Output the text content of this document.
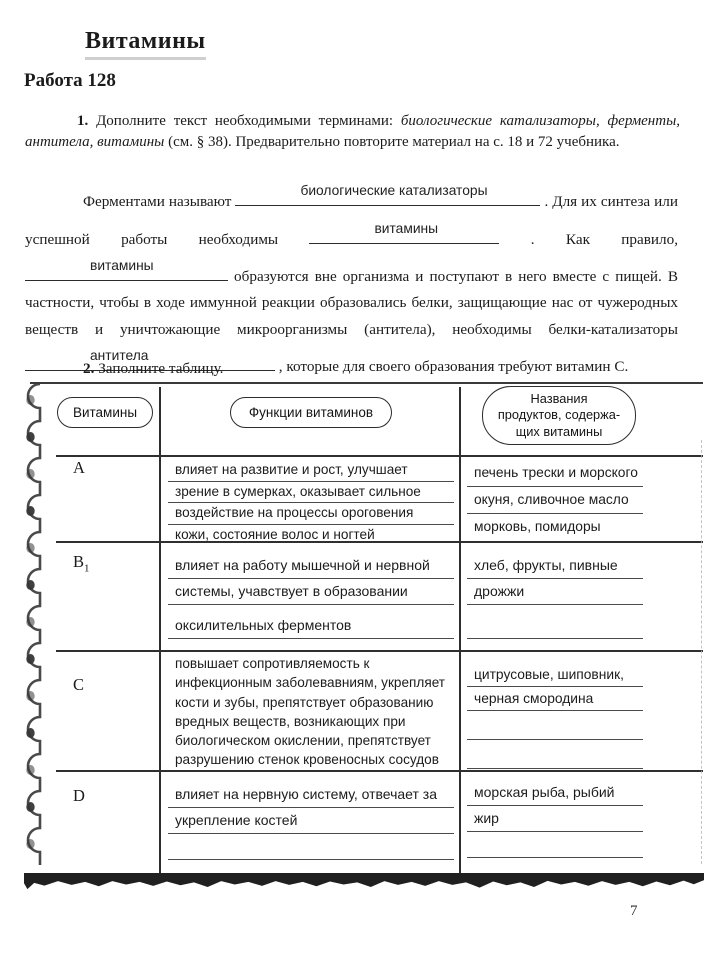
Витамины
Работа 128

1. Дополните текст необходимыми терминами: биологические катализаторы, ферменты, антитела, витамины (см. § 38). Предварительно повторите материал на с. 18 и 72 учебника.

Ферментами называют биологические катализаторы . Для их синтеза или успешной работы необходимы витамины . Как правило, витамины образуются вне организма и поступают в него вместе с пищей. В частности, чтобы в ходе иммунной реакции образовались белки, защищающие нас от чужеродных веществ и уничтожающие микроорганизмы (антитела), необходимы белки-катализаторы антитела , которые для своего образования требуют витамин С.

2. Заполните таблицу.

Витамины	Функции витаминов
Названия
продуктов, содержа-
щих витамины
A
$B_1$
C
D
влияет на развитие и рост, улучшает
зрение в сумерках, оказывает сильное
воздействие на процессы ороговения
кожи, состояние волос и ногтей
печень трески и морского
окуня, сливочное масло
морковь, помидоры
влияет на работу мышечной и нервной
системы, учавствует в образовании
оксилительных ферментов
хлеб, фрукты, пивные
дрожжи
повышает сопротивляемость к
инфекционным заболевавниям, укрепляет
кости и зубы, препятствует образованию
вредных веществ, возникающих при
биологическом окислении, препятствует
разрушению стенок кровеносных сосудов
цитрусовые, шиповник,
черная смородина
влияет на нервную систему, отвечает за
укрепление костей
морская рыба, рыбий
жир
7
